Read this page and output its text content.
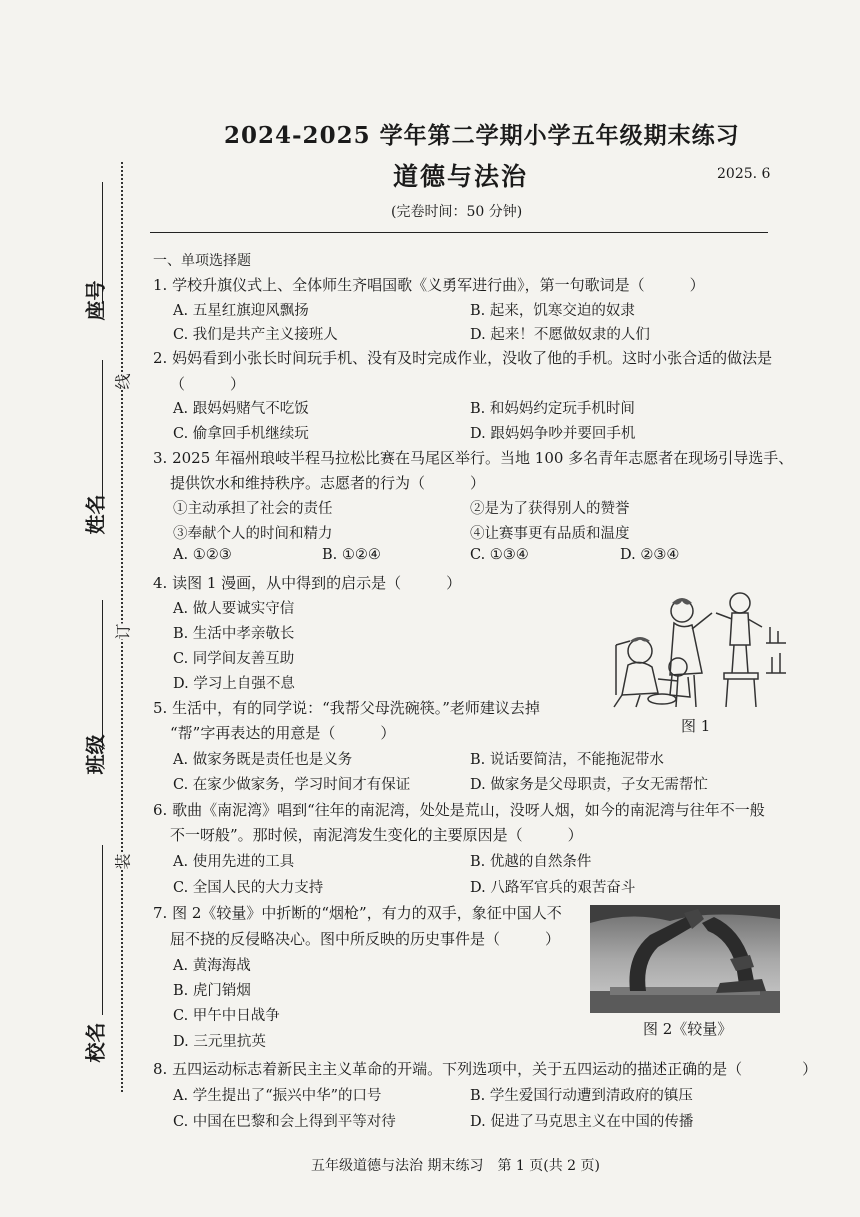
座号
姓名
班级
校名
线
订
装
2024-2025 学年第二学期小学五年级期末练习
道德与法治	2025. 6
(完卷时间：50 分钟)
一、单项选择题
1. 学校升旗仪式上、全体师生齐唱国歌《义勇军进行曲》，第一句歌词是（　　　）
A. 五星红旗迎风飘扬	B. 起来，饥寒交迫的奴隶
C. 我们是共产主义接班人	D. 起来！不愿做奴隶的人们
2. 妈妈看到小张长时间玩手机、没有及时完成作业，没收了他的手机。这时小张合适的做法是
（　　　）
A. 跟妈妈赌气不吃饭	B. 和妈妈约定玩手机时间
C. 偷拿回手机继续玩	D. 跟妈妈争吵并要回手机
3. 2025 年福州琅岐半程马拉松比赛在马尾区举行。当地 100 多名青年志愿者在现场引导选手、
提供饮水和维持秩序。志愿者的行为（　　　）
①主动承担了社会的责任	②是为了获得别人的赞誉
③奉献个人的时间和精力	④让赛事更有品质和温度
A. ①②③	B. ①②④	C. ①③④	D. ②③④
4. 读图 1 漫画，从中得到的启示是（　　　）
A. 做人要诚实守信
B. 生活中孝亲敬长
C. 同学间友善互助
D. 学习上自强不息
图 1
5. 生活中，有的同学说：“我帮父母洗碗筷。”老师建议去掉
“帮”字再表达的用意是（　　　）
A. 做家务既是责任也是义务	B. 说话要简洁，不能拖泥带水
C. 在家少做家务，学习时间才有保证	D. 做家务是父母职责，子女无需帮忙
6. 歌曲《南泥湾》唱到“往年的南泥湾，处处是荒山，没呀人烟，如今的南泥湾与往年不一般
不一呀般”。那时候，南泥湾发生变化的主要原因是（　　　）
A. 使用先进的工具	B. 优越的自然条件
C. 全国人民的大力支持	D. 八路军官兵的艰苦奋斗
7. 图 2《较量》中折断的“烟枪”，有力的双手，象征中国人不
屈不挠的反侵略决心。图中所反映的历史事件是（　　　）
A. 黄海海战
B. 虎门销烟
C. 甲午中日战争
D. 三元里抗英
图 2《较量》
8. 五四运动标志着新民主主义革命的开端。下列选项中，关于五四运动的描述正确的是（　　　　）
A. 学生提出了“振兴中华”的口号	B. 学生爱国行动遭到清政府的镇压
C. 中国在巴黎和会上得到平等对待	D. 促进了马克思主义在中国的传播
五年级道德与法治 期末练习　第 1 页(共 2 页)
